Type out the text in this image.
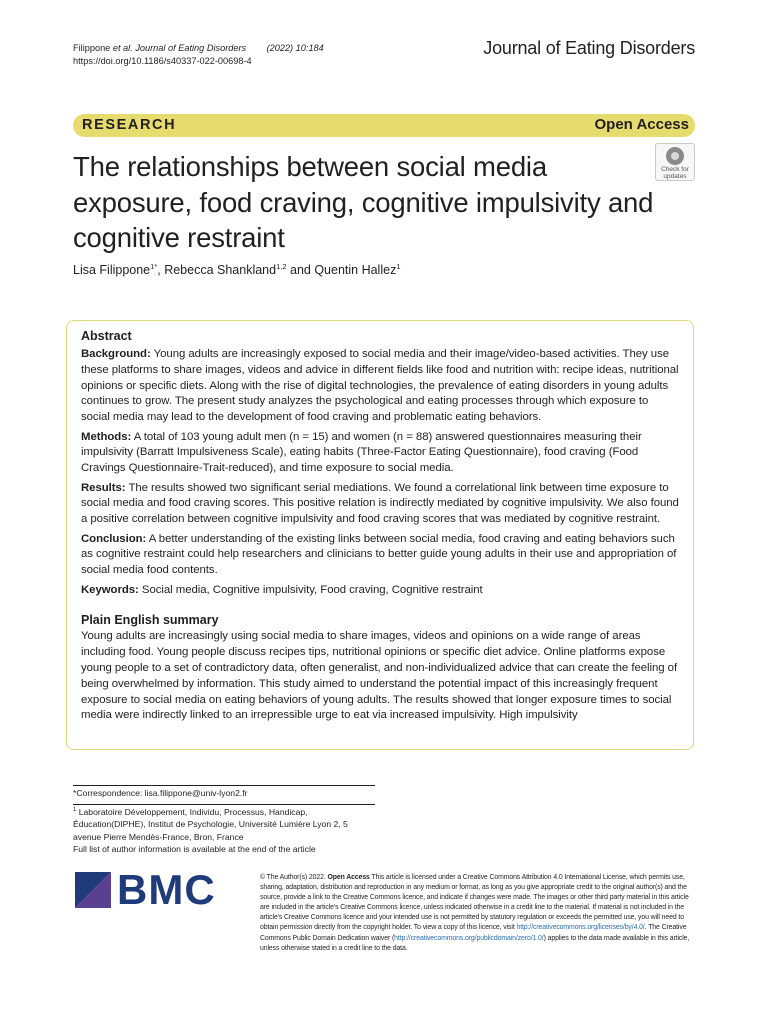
Filippone et al. Journal of Eating Disorders (2022) 10:184
https://doi.org/10.1186/s40337-022-00698-4
Journal of Eating Disorders
RESEARCH	Open Access
The relationships between social media exposure, food craving, cognitive impulsivity and cognitive restraint
Check for
updates
Lisa Filippone$^{1*}$, Rebecca Shankland$^{1,2}$ and Quentin Hallez$^1$
Abstract

Background: Young adults are increasingly exposed to social media and their image/video-based activities. They use these platforms to share images, videos and advice in different fields like food and nutrition with: recipe ideas, nutritional opinions or specific diets. Along with the rise of digital technologies, the prevalence of eating disorders in young adults continues to grow. The present study analyzes the psychological and eating processes through which exposure to social media may lead to the development of food craving and problematic eating behaviors.

Methods: A total of 103 young adult men (n = 15) and women (n = 88) answered questionnaires measuring their impulsivity (Barratt Impulsiveness Scale), eating habits (Three-Factor Eating Questionnaire), food craving (Food Cravings Questionnaire-Trait-reduced), and time exposure to social media.

Results: The results showed two significant serial mediations. We found a correlational link between time exposure to social media and food craving scores. This positive relation is indirectly mediated by cognitive impulsivity. We also found a positive correlation between cognitive impulsivity and food craving scores that was mediated by cognitive restraint.

Conclusion: A better understanding of the existing links between social media, food craving and eating behaviors such as cognitive restraint could help researchers and clinicians to better guide young adults in their use and appropriation of social media food contents.

Keywords: Social media, Cognitive impulsivity, Food craving, Cognitive restraint

Plain English summary

Young adults are increasingly using social media to share images, videos and opinions on a wide range of areas including food. Young people discuss recipes tips, nutritional opinions or specific diet advice. Online platforms expose young people to a set of contradictory data, often generalist, and non-individualized advice that can create the feeling of being overwhelmed by information. This study aimed to understand the potential impact of this increasingly frequent exposure to social media on eating behaviors of young adults. The results showed that longer exposure times to social media were indirectly linked to an irrepressible urge to eat via increased impulsivity. High impulsivity

*Correspondence: lisa.filippone@univ-lyon2.fr
$^1$ Laboratoire Développement, Individu, Processus, Handicap, Éducation(DIPHE), Institut de Psychologie, Université Lumière Lyon 2, 5 avenue Pierre Mendès-France, Bron, France
Full list of author information is available at the end of the article
BMC	© The Author(s) 2022. Open Access This article is licensed under a Creative Commons Attribution 4.0 International License, which permits use, sharing, adaptation, distribution and reproduction in any medium or format, as long as you give appropriate credit to the original author(s) and the source, provide a link to the Creative Commons licence, and indicate if changes were made. The images or other third party material in this article are included in the article's Creative Commons licence, unless indicated otherwise in a credit line to the material. If material is not included in the article's Creative Commons licence and your intended use is not permitted by statutory regulation or exceeds the permitted use, you will need to obtain permission directly from the copyright holder. To view a copy of this licence, visit http://creativecommons.org/licenses/by/4.0/. The Creative Commons Public Domain Dedication waiver (http://creativecommons.org/publicdomain/zero/1.0/) applies to the data made available in this article, unless otherwise stated in a credit line to the data.
